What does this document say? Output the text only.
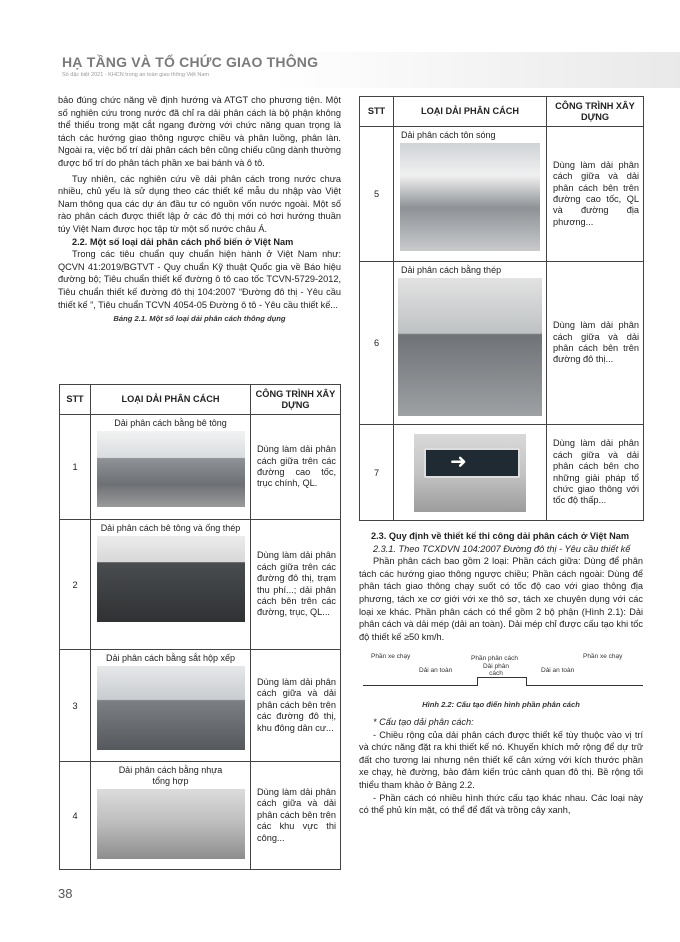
HẠ TẦNG VÀ TỔ CHỨC GIAO THÔNG
Số đặc biệt 2021 - KHCN trong an toàn giao thông Việt Nam

bảo đúng chức năng về định hướng và ATGT cho phương tiện. Một số nghiên cứu trong nước đã chỉ ra dải phân cách là bộ phận không thể thiếu trong mặt cắt ngang đường với chức năng quan trọng là tách các hướng giao thông ngược chiều và phân luồng, phân làn. Ngoài ra, việc bố trí dải phân cách bên cũng chiếu cũng dành thường được bố trí do phân tách phần xe bai bánh và ô tô.

Tuy nhiên, các nghiên cứu về dải phân cách trong nước chưa nhiều, chủ yếu là sử dụng theo các thiết kế mẫu du nhập vào Việt Nam thông qua các dự án đầu tư có nguồn vốn nước ngoài. Một số rào phân cách được thiết lập ở các đô thị mới có hơi hướng thuần túy Việt Nam được học tập từ một số nước châu Á.

2.2. Một số loại dải phân cách phổ biến ở Việt Nam

Trong các tiêu chuẩn quy chuẩn hiện hành ở Việt Nam như: QCVN 41:2019/BGTVT - Quy chuẩn Kỹ thuật Quốc gia về Báo hiệu đường bộ; Tiêu chuẩn thiết kế đường ô tô cao tốc TCVN-5729-2012, Tiêu chuẩn thiết kế đường đô thị 104:2007 “Đường đô thị - Yêu cầu thiết kế ”, Tiêu chuẩn TCVN 4054-05 Đường ô tô - Yêu cầu thiết kế...

Bảng 2.1. Một số loại dải phân cách thông dụng

STT	LOẠI DẢI PHÂN CÁCH	CÔNG TRÌNH XÂY DỰNG
1	Dải phân cách bằng bê tông	Dùng làm dải phân cách giữa trên các đường cao tốc, trục chính, QL.
2	Dải phân cách bê tông và ống thép	Dùng làm dải phân cách giữa trên các đường đô thị, trạm thu phí...; dải phân cách bên trên các đường, trục, QL...
3	Dải phân cách bằng sắt hộp xếp	Dùng làm dải phân cách giữa và dải phân cách bên trên các đường đô thị, khu đông dân cư...
4	Dải phân cách bằng nhựa tổng hợp	Dùng làm dải phân cách giữa và dải phân cách bên trên các khu vực thi công...
STT	LOẠI DẢI PHÂN CÁCH	CÔNG TRÌNH XÂY DỰNG
5	Dải phân cách tôn sóng	Dùng làm dải phân cách giữa và dải phân cách bên trên đường cao tốc, QL và đường địa phương...
6	Dải phân cách bằng thép	Dùng làm dải phân cách giữa và dải phân cách bên trên đường đô thị...
7	➜	Dùng làm dải phân cách giữa và dải phân cách bên cho những giải pháp tổ chức giao thông với tốc độ thấp...

2.3. Quy định về thiết kế thi công dải phân cách ở Việt Nam

2.3.1. Theo TCXDVN 104:2007 Đường đô thị - Yêu cầu thiết kế

Phần phân cách bao gồm 2 loại: Phần cách giữa: Dùng để phân tách các hướng giao thông ngược chiều; Phần cách ngoài: Dùng để phân tách giao thông chạy suốt có tốc độ cao với giao thông địa phương, tách xe cơ giới với xe thô sơ, tách xe chuyên dụng với các loại xe khác. Phần phân cách có thể gồm 2 bộ phận (Hình 2.1): Dải phân cách và dải mép (dải an toàn). Dải mép chỉ được cấu tạo khi tốc độ thiết kế ≥50 km/h.

Phần xe chạy	Phần phân cách	Phần xe chạy
Dải an toàn
Dải phân cách	Dải an toàn

Hình 2.2: Cấu tạo điển hình phần phân cách

* Cấu tạo dải phân cách:

- Chiều rộng của dải phân cách được thiết kế tùy thuộc vào vị trí và chức năng đặt ra khi thiết kế nó. Khuyến khích mở rộng để dự trữ đất cho tương lai nhưng nên thiết kế cân xứng với kích thước phần xe chạy, hè đường, bảo đảm kiến trúc cảnh quan đô thị. Bề rộng tối thiểu tham khảo ở Bảng 2.2.

- Phần cách có nhiều hình thức cấu tạo khác nhau. Các loại này có thể phủ kín mặt, có thể để đất và trồng cây xanh,

38
